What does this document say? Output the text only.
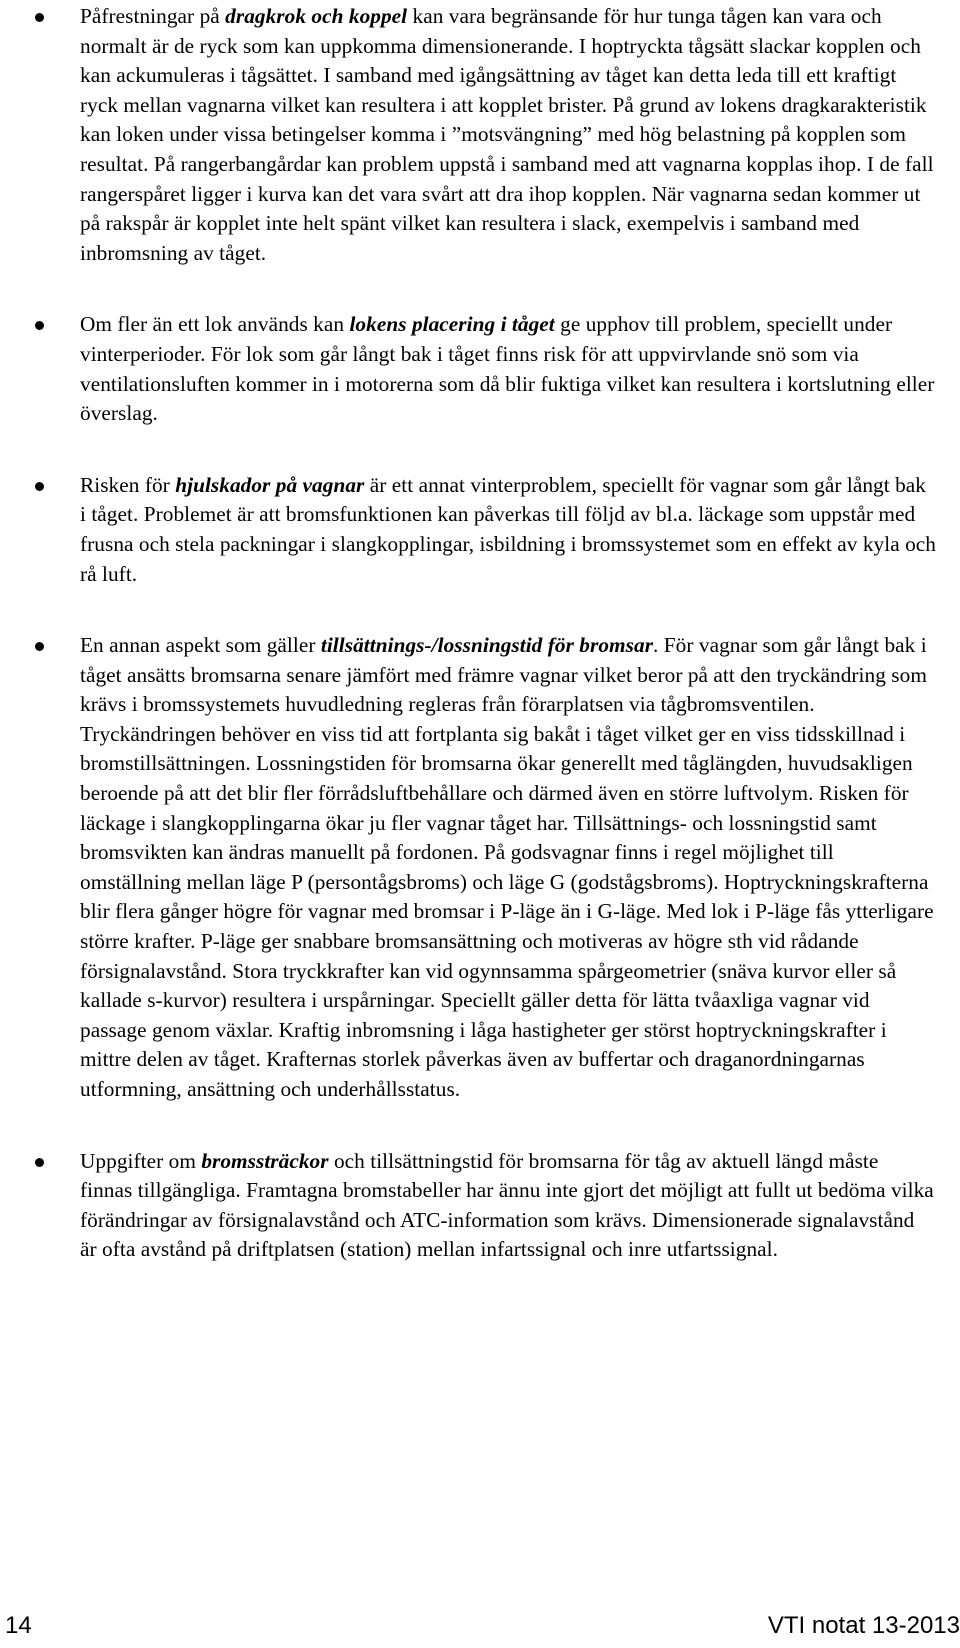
Påfrestningar på dragkrok och koppel kan vara begränsande för hur tunga tågen kan vara och normalt är de ryck som kan uppkomma dimensionerande. I hoptryckta tågsätt slackar kopplen och kan ackumuleras i tågsättet. I samband med igångsättning av tåget kan detta leda till ett kraftigt ryck mellan vagnarna vilket kan resultera i att kopplet brister. På grund av lokens dragkarakteristik kan loken under vissa betingelser komma i ”motsvängning” med hög belastning på kopplen som resultat. På rangerbangårdar kan problem uppstå i samband med att vagnarna kopplas ihop. I de fall rangerspåret ligger i kurva kan det vara svårt att dra ihop kopplen. När vagnarna sedan kommer ut på rakspår är kopplet inte helt spänt vilket kan resultera i slack, exempelvis i samband med inbromsning av tåget.

Om fler än ett lok används kan lokens placering i tåget ge upphov till problem, speciellt under vinterperioder. För lok som går långt bak i tåget finns risk för att uppvirvlande snö som via ventilationsluften kommer in i motorerna som då blir fuktiga vilket kan resultera i kortslutning eller överslag.

Risken för hjulskador på vagnar är ett annat vinterproblem, speciellt för vagnar som går långt bak i tåget. Problemet är att bromsfunktionen kan påverkas till följd av bl.a. läckage som uppstår med frusna och stela packningar i slangkopplingar, isbildning i bromssystemet som en effekt av kyla och rå luft.

En annan aspekt som gäller tillsättnings-/lossningstid för bromsar. För vagnar som går långt bak i tåget ansätts bromsarna senare jämfört med främre vagnar vilket beror på att den tryckändring som krävs i bromssystemets huvudledning regleras från förarplatsen via tågbromsventilen. Tryckändringen behöver en viss tid att fortplanta sig bakåt i tåget vilket ger en viss tidsskillnad i bromstillsättningen. Lossningstiden för bromsarna ökar generellt med tåglängden, huvudsakligen beroende på att det blir fler förrådsluftbehållare och därmed även en större luftvolym. Risken för läckage i slangkopplingarna ökar ju fler vagnar tåget har. Tillsättnings- och lossningstid samt bromsvikten kan ändras manuellt på fordonen. På godsvagnar finns i regel möjlighet till omställning mellan läge P (persontågsbroms) och läge G (godstågsbroms). Hoptryckningskrafterna blir flera gånger högre för vagnar med bromsar i P-läge än i G-läge. Med lok i P-läge fås ytterligare större krafter. P-läge ger snabbare bromsansättning och motiveras av högre sth vid rådande försignalavstånd. Stora tryckkrafter kan vid ogynnsamma spårgeometrier (snäva kurvor eller så kallade s-kurvor) resultera i urspårningar. Speciellt gäller detta för lätta tvåaxliga vagnar vid passage genom växlar. Kraftig inbromsning i låga hastigheter ger störst hoptryckningskrafter i mittre delen av tåget. Krafternas storlek påverkas även av buffertar och draganordningarnas utformning, ansättning och underhållsstatus.

Uppgifter om bromssträckor och tillsättningstid för bromsarna för tåg av aktuell längd måste finnas tillgängliga. Framtagna bromstabeller har ännu inte gjort det möjligt att fullt ut bedöma vilka förändringar av försignalavstånd och ATC-information som krävs. Dimensionerade signalavstånd är ofta avstånd på driftplatsen (station) mellan infartssignal och inre utfartssignal.

14	VTI notat 13-2013
